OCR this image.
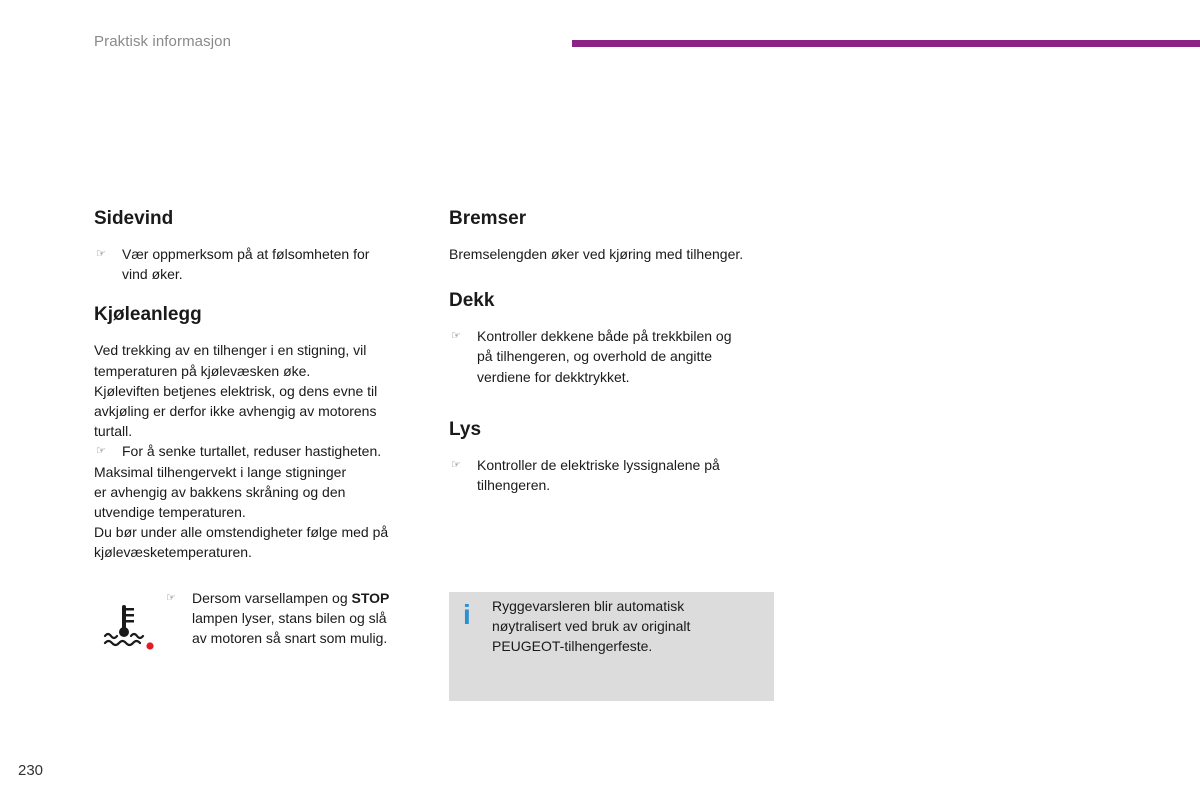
Praktisk informasjon
Sidevind
☞ Vær oppmerksom på at følsomheten for
vind øker.
Kjøleanlegg

Ved trekking av en tilhenger i en stigning, vil
temperaturen på kjølevæsken øke.
Kjøleviften betjenes elektrisk, og dens evne til
avkjøling er derfor ikke avhengig av motorens
turtall.

☞ For å senke turtallet, reduser hastigheten.

Maksimal tilhengervekt i lange stigninger
er avhengig av bakkens skråning og den
utvendige temperaturen.
Du bør under alle omstendigheter følge med på
kjølevæsketemperaturen.

Bremser

Bremselengden øker ved kjøring med tilhenger.

Dekk
☞ Kontroller dekkene både på trekkbilen og
på tilhengeren, og overhold de angitte
verdiene for dekktrykket.
Lys
☞ Kontroller de elektriske lyssignalene på
tilhengeren.
☞ Dersom varsellampen og STOP
lampen lyser, stans bilen og slå
av motoren så snart som mulig.
i Ryggevarsleren blir automatisk
nøytralisert ved bruk av originalt
PEUGEOT-tilhengerfeste.
230
